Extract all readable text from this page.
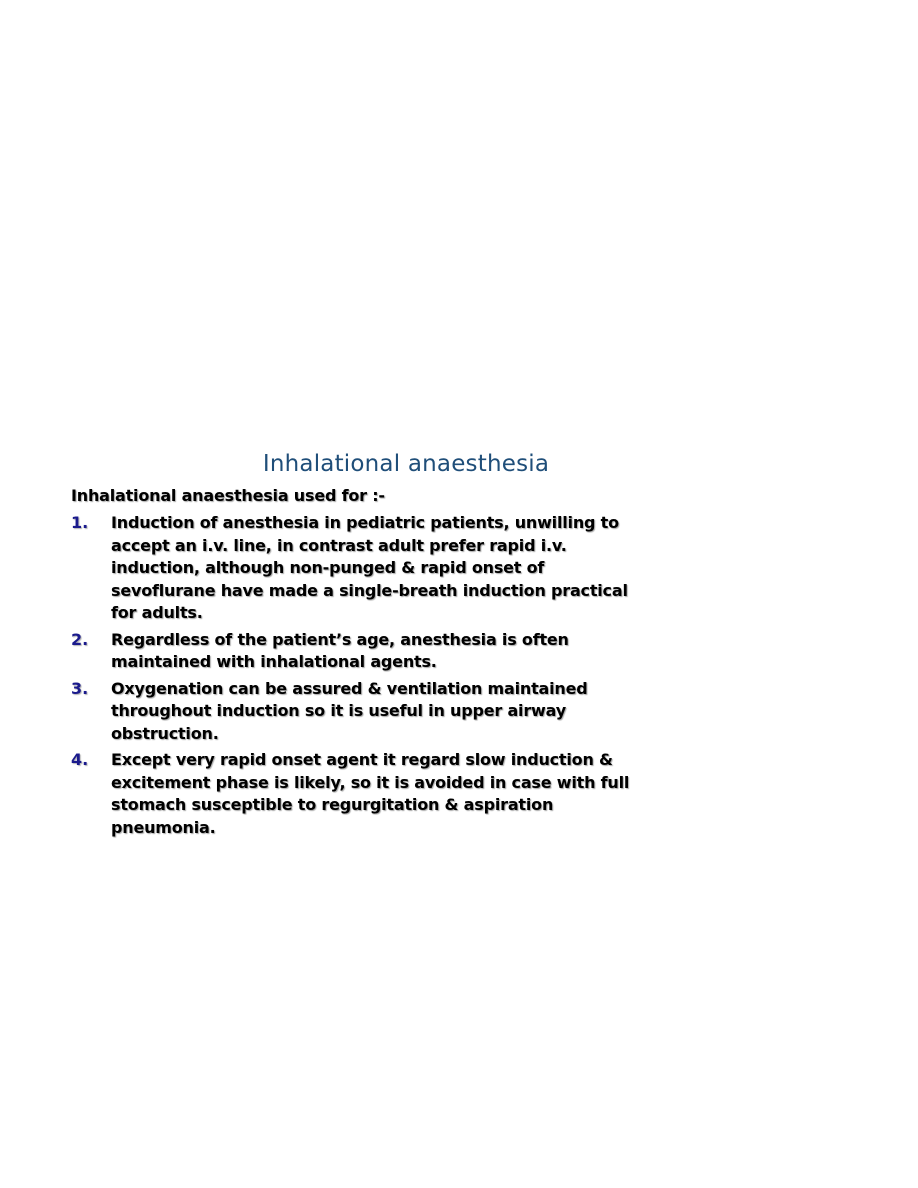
Inhalational anaesthesia

Inhalational anaesthesia used for :-

1. Induction of anesthesia in pediatric patients, unwilling to
accept an i.v. line, in contrast adult prefer rapid i.v.
induction, although non-punged & rapid onset of
sevoflurane have made a single-breath induction practical
for adults.
2. Regardless of the patient’s age, anesthesia is often
maintained with inhalational agents.
3. Oxygenation can be assured & ventilation maintained
throughout induction so it is useful in upper airway
obstruction.
4. Except very rapid onset agent it regard slow induction &
excitement phase is likely, so it is avoided in case with full
stomach susceptible to regurgitation & aspiration
pneumonia.
